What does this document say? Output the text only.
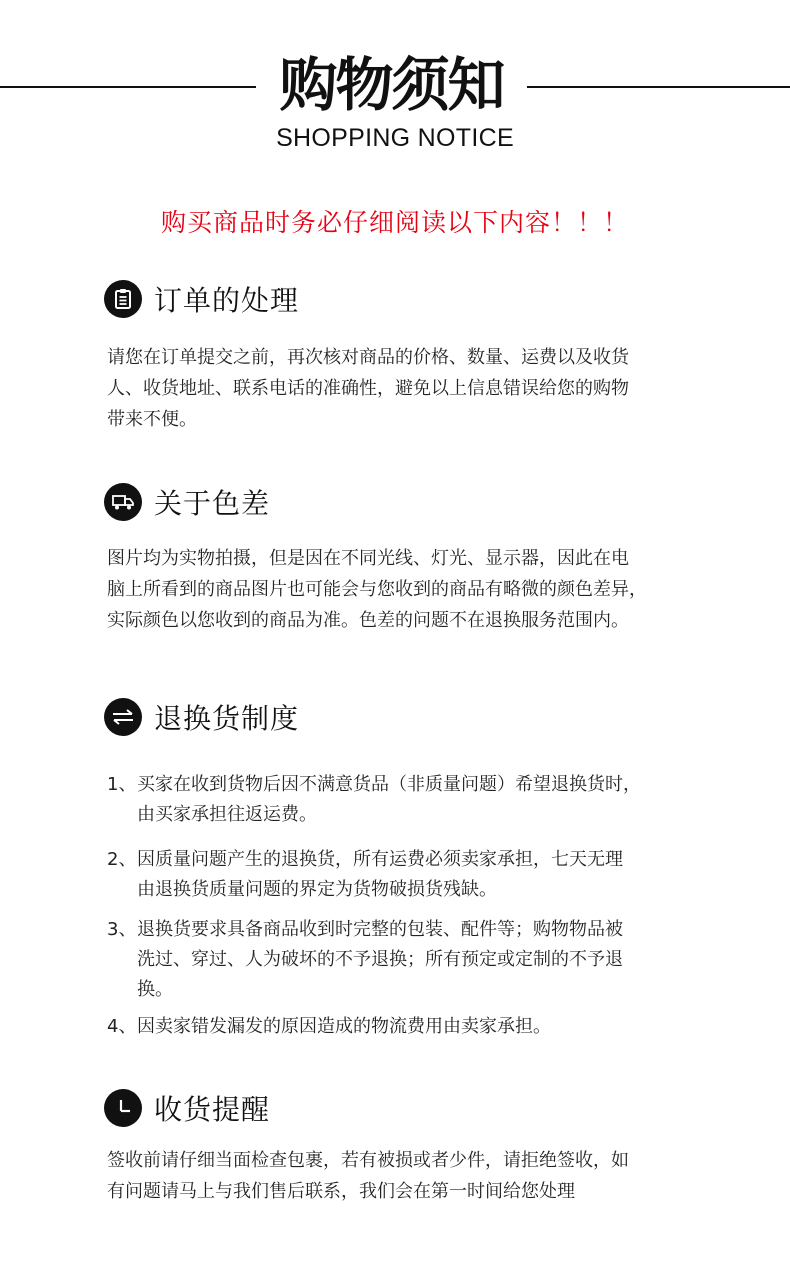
购物须知
SHOPPING NOTICE
购买商品时务必仔细阅读以下内容！！！
订单的处理
请您在订单提交之前，再次核对商品的价格、数量、运费以及收货
人、收货地址、联系电话的准确性，避免以上信息错误给您的购物
带来不便。
关于色差
图片均为实物拍摄，但是因在不同光线、灯光、显示器，因此在电
脑上所看到的商品图片也可能会与您收到的商品有略微的颜色差异，
实际颜色以您收到的商品为准。色差的问题不在退换服务范围内。
退换货制度
1、 买家在收到货物后因不满意货品（非质量问题）希望退换货时，
由买家承担往返运费。
2、 因质量问题产生的退换货，所有运费必须卖家承担，七天无理
由退换货质量问题的界定为货物破损货残缺。
3、 退换货要求具备商品收到时完整的包装、配件等；购物物品被
洗过、穿过、人为破坏的不予退换；所有预定或定制的不予退
换。
4、 因卖家错发漏发的原因造成的物流费用由卖家承担。
收货提醒
签收前请仔细当面检查包裹，若有被损或者少件，请拒绝签收，如
有问题请马上与我们售后联系，我们会在第一时间给您处理
